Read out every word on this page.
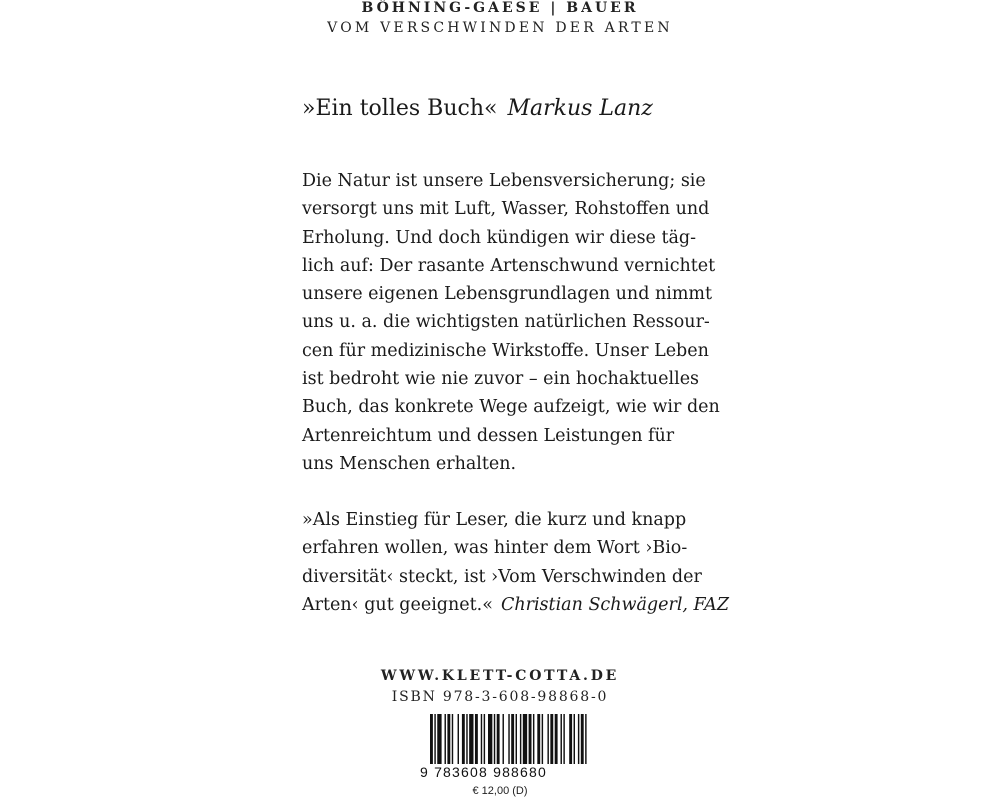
BÖHNING-GAESE | BAUER
VOM VERSCHWINDEN DER ARTEN
»Ein tolles Buch« Markus Lanz
Die Natur ist unsere Lebensversicherung; sie
versorgt uns mit Luft, Wasser, Rohstoffen und
Erholung. Und doch kündigen wir diese täg-
lich auf: Der rasante Artenschwund vernichtet
unsere eigenen Lebensgrundlagen und nimmt
uns u. a. die wichtigsten natürlichen Ressour-
cen für medizinische Wirkstoffe. Unser Leben
ist bedroht wie nie zuvor – ein hochaktuelles
Buch, das konkrete Wege aufzeigt, wie wir den
Artenreichtum und dessen Leistungen für
uns Menschen erhalten.
»Als Einstieg für Leser, die kurz und knapp
erfahren wollen, was hinter dem Wort ›Bio-
diversität‹ steckt, ist ›Vom Verschwinden der
Arten‹ gut geeignet.« Christian Schwägerl, FAZ
WWW.KLETT-COTTA.DE
ISBN 978-3-608-98868-0
9 783608 988680
€ 12,00 (D)
